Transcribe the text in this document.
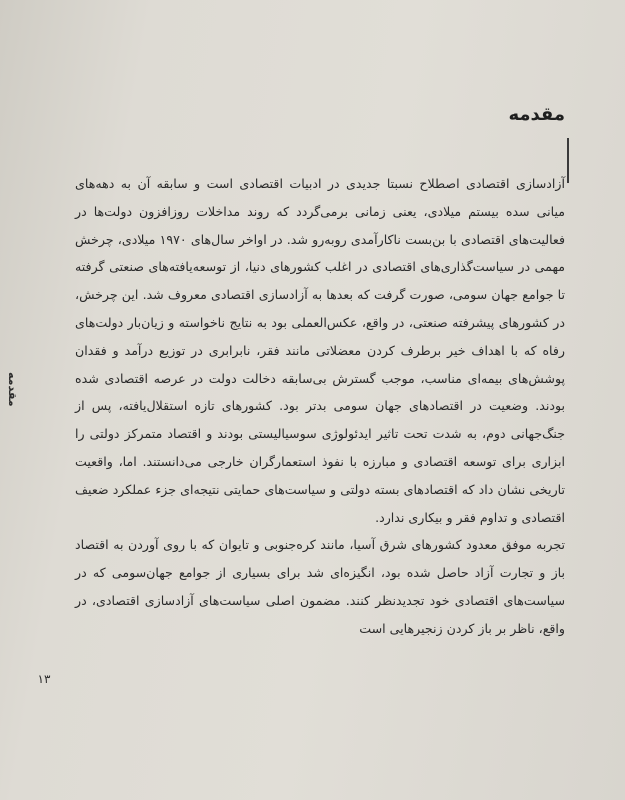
مقدمه
۱۳
مقدمه

آزادسازی اقتصادی اصطلاح نسبتا جدیدی در ادبیات اقتصادی است و سابقه آن به دهه‌های میانی سده بیستم میلادی، یعنی زمانی برمی‌گردد که روند مداخلات روزافزون دولت‌ها در فعالیت‌های اقتصادی با بن‌بست ناکارآمدی روبه‌رو شد. در اواخر سال‌های ۱۹۷۰ میلادی، چرخش مهمی در سیاست‌گذاری‌های اقتصادی در اغلب کشورهای دنیا، از توسعه‌یافته‌های صنعتی گرفته تا جوامع جهان سومی، صورت گرفت که بعدها به آزادسازی اقتصادی معروف شد. این چرخش، در کشورهای پیشرفته صنعتی، در واقع، عکس‌العملی بود به نتایج ناخواسته و زیان‌بار دولت‌های رفاه که با اهداف خیر برطرف کردن معضلاتی مانند فقر، نابرابری در توزیع درآمد و فقدان پوشش‌های بیمه‌ای مناسب، موجب گسترش بی‌سابقه دخالت دولت در عرصه اقتصادی شده بودند. وضعیت در اقتصادهای جهان سومی بدتر بود. کشورهای تازه استقلال‌یافته، پس از جنگ‌جهانی دوم، به شدت تحت تاثیر ایدئولوژی سوسیالیستی بودند و اقتصاد متمرکز دولتی را ابزاری برای توسعه اقتصادی و مبارزه با نفوذ استعمارگران خارجی می‌دانستند. اما، واقعیت تاریخی نشان داد که اقتصادهای بسته دولتی و سیاست‌های حمایتی نتیجه‌ای جزء عملکرد ضعیف اقتصادی و تداوم فقر و بیکاری ندارد.

تجربه موفق معدود کشورهای شرق آسیا، مانند کره‌جنوبی و تایوان که با روی آوردن به اقتصاد باز و تجارت آزاد حاصل شده بود، انگیزه‌ای شد برای بسیاری از جوامع جهان‌سومی که در سیاست‌های اقتصادی خود تجدیدنظر کنند. مضمون اصلی سیاست‌های آزادسازی اقتصادی، در واقع، ناظر بر باز کردن زنجیرهایی است
